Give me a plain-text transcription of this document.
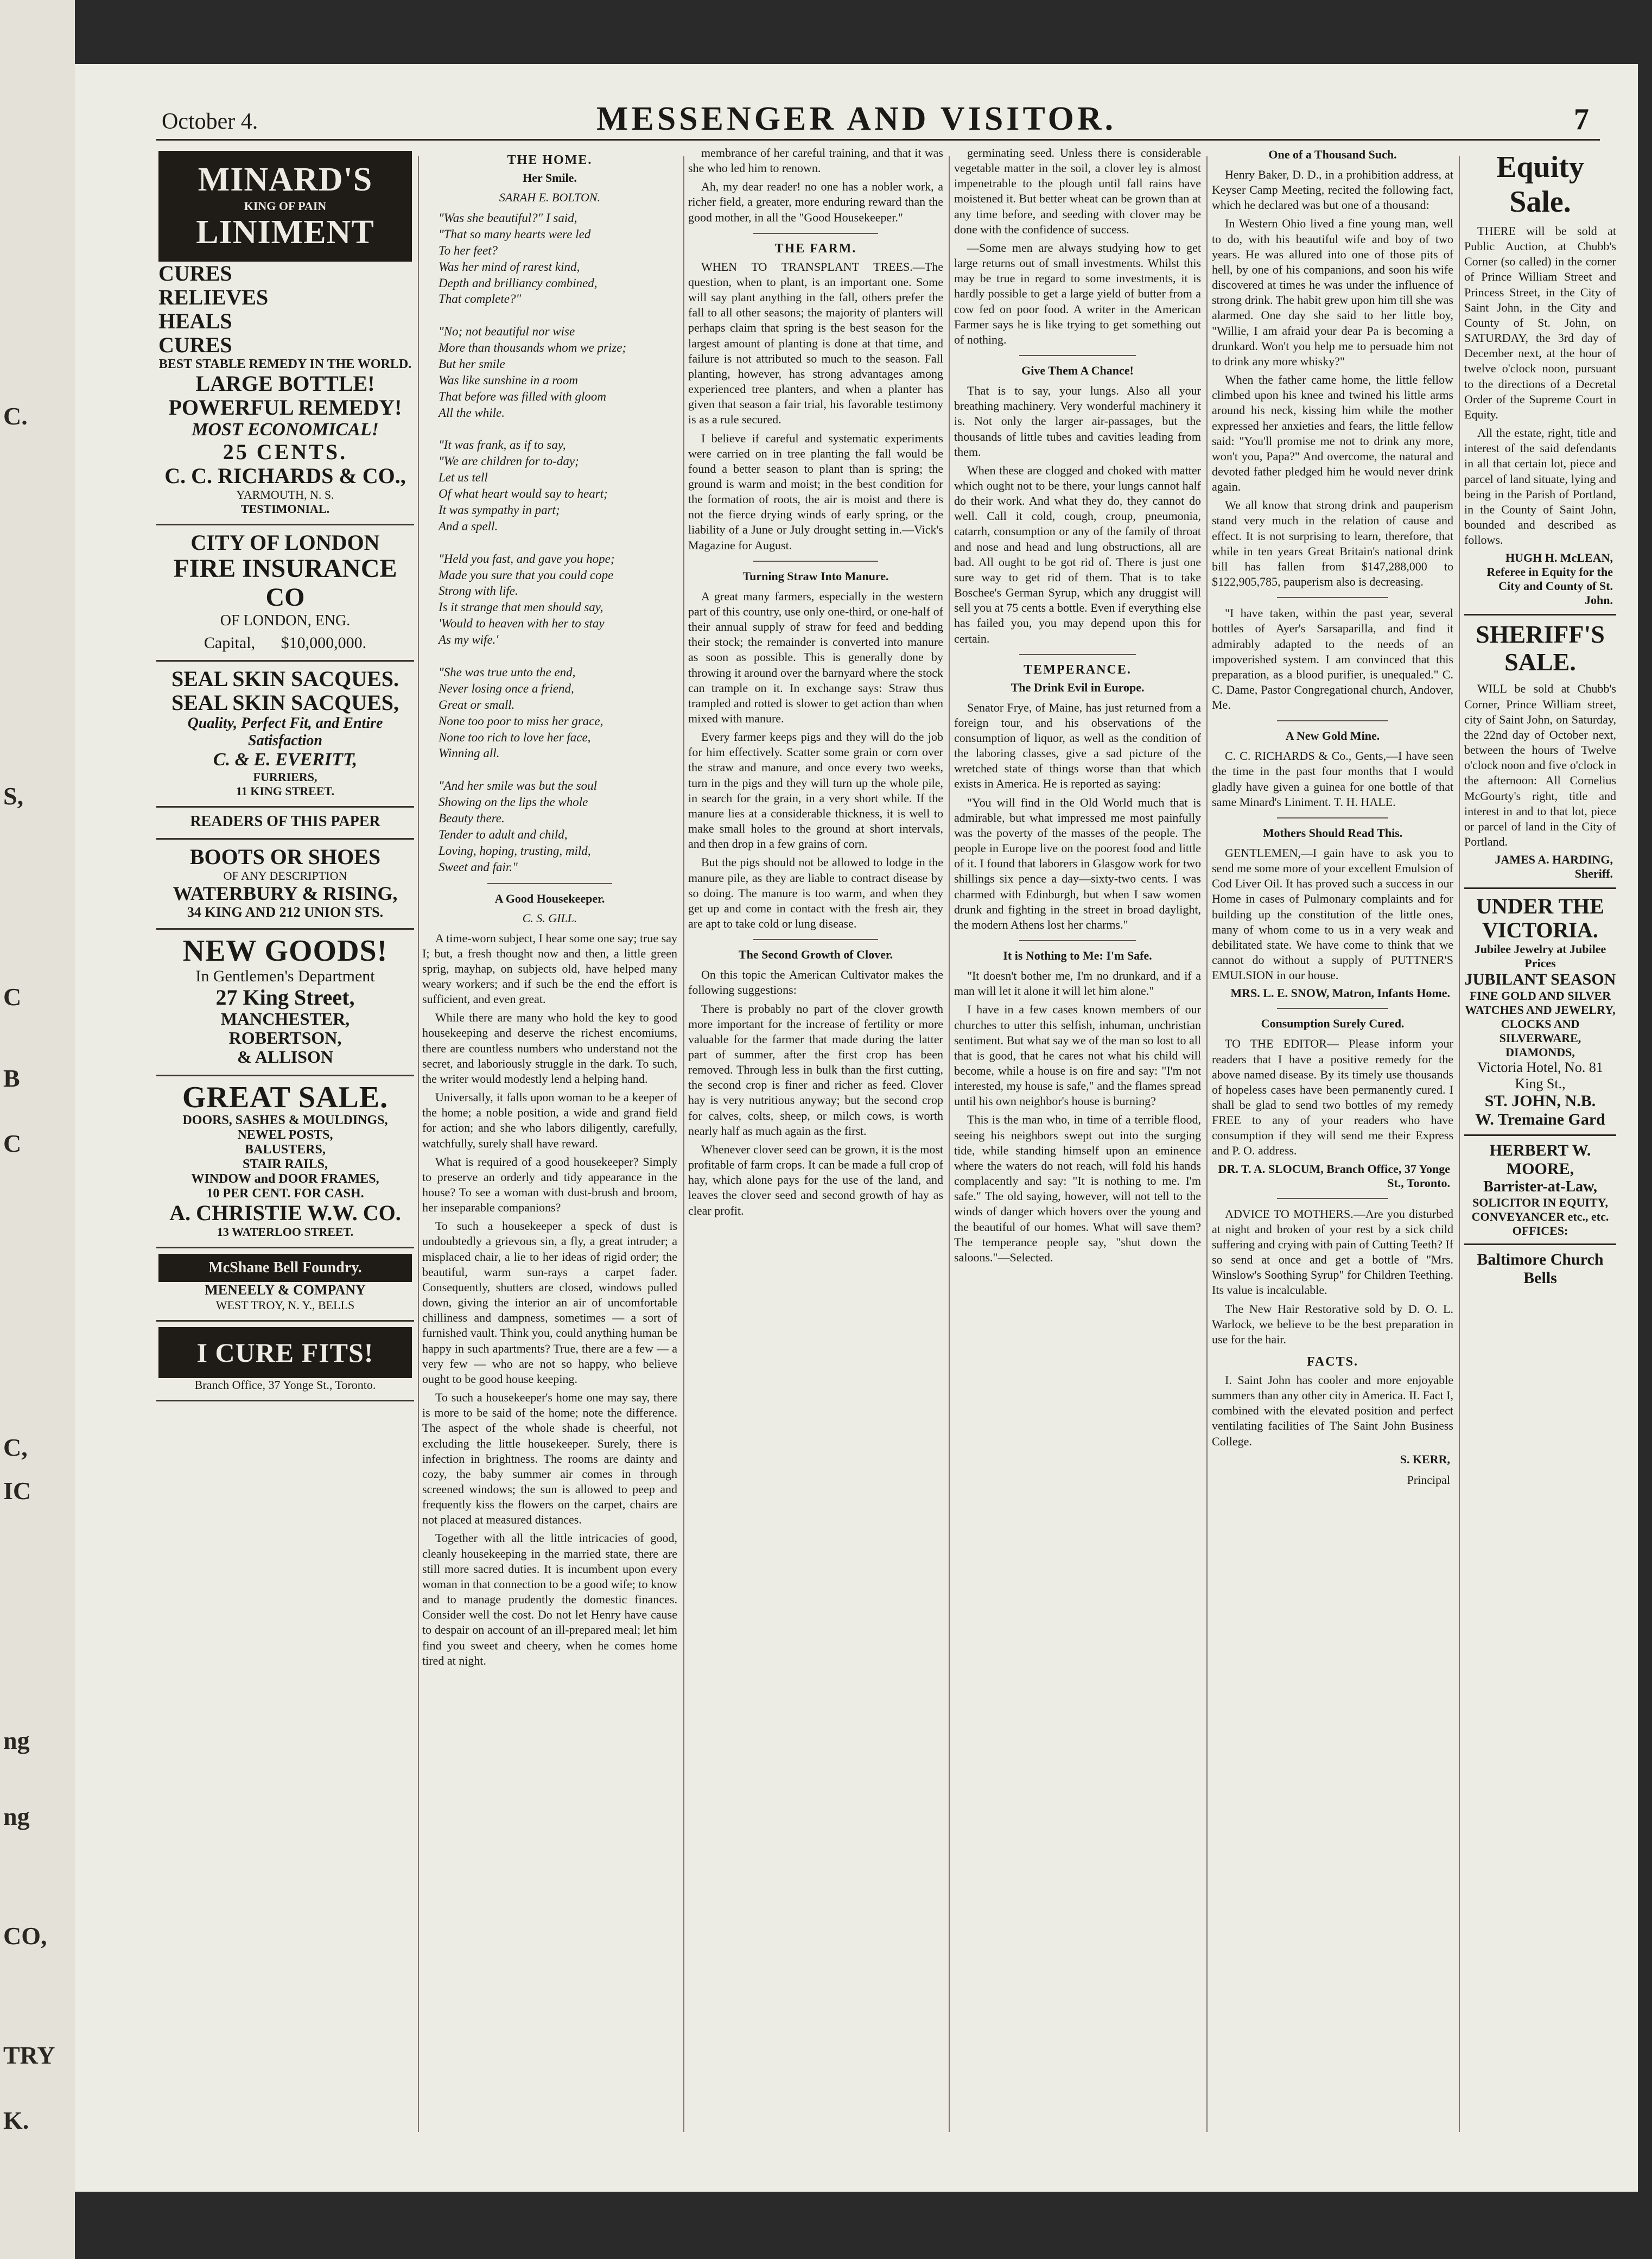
C.
S,
C
C
B
C,
IC
ng
ng
CO,
TRY
K.
October 4.	MESSENGER AND VISITOR.	7
MINARD'S
KING OF PAIN
LINIMENT
CURES
RELIEVES
HEALS
CURES
BEST STABLE REMEDY IN THE WORLD.
LARGE BOTTLE!
POWERFUL REMEDY!
MOST ECONOMICAL!
25 CENTS.
C. C. RICHARDS & CO.,
YARMOUTH, N. S.
TESTIMONIAL.
CITY OF LONDON
FIRE INSURANCE CO
OF LONDON, ENG.
Capital, $10,000,000.
SEAL SKIN SACQUES.
SEAL SKIN SACQUES,
Quality, Perfect Fit, and Entire Satisfaction
C. & E. EVERITT,
FURRIERS,
11 KING STREET.
READERS OF THIS PAPER
BOOTS OR SHOES
OF ANY DESCRIPTION
WATERBURY & RISING,
34 KING AND 212 UNION STS.
NEW GOODS!
In Gentlemen's Department
27 King Street,
MANCHESTER,
ROBERTSON,
& ALLISON
GREAT SALE.
DOORS, SASHES & MOULDINGS,
NEWEL POSTS,
BALUSTERS,
STAIR RAILS,
WINDOW and DOOR FRAMES,
10 PER CENT. FOR CASH.
A. CHRISTIE W.W. CO.
13 WATERLOO STREET.
McShane Bell Foundry.
MENEELY & COMPANY
WEST TROY, N. Y., BELLS
I CURE FITS!
Branch Office, 37 Yonge St., Toronto.
THE HOME.
Her Smile.
SARAH E. BOLTON.
"Was she beautiful?" I said,
"That so many hearts were led
To her feet?
Was her mind of rarest kind,
Depth and brilliancy combined,
That complete?"

"No; not beautiful nor wise
More than thousands whom we prize;
But her smile
Was like sunshine in a room
That before was filled with gloom
All the while.

"It was frank, as if to say,
"We are children for to-day;
Let us tell
Of what heart would say to heart;
It was sympathy in part;
And a spell.

"Held you fast, and gave you hope;
Made you sure that you could cope
Strong with life.
Is it strange that men should say,
'Would to heaven with her to stay
As my wife.'

"She was true unto the end,
Never losing once a friend,
Great or small.
None too poor to miss her grace,
None too rich to love her face,
Winning all.

"And her smile was but the soul
Showing on the lips the whole
Beauty there.
Tender to adult and child,
Loving, hoping, trusting, mild,
Sweet and fair."
A Good Housekeeper.
C. S. GILL.

A time-worn subject, I hear some one say; true say I; but, a fresh thought now and then, a little green sprig, mayhap, on subjects old, have helped many weary workers; and if such be the end the effort is sufficient, and even great.

While there are many who hold the key to good housekeeping and deserve the richest encomiums, there are countless numbers who understand not the secret, and laboriously struggle in the dark. To such, the writer would modestly lend a helping hand.

Universally, it falls upon woman to be a keeper of the home; a noble position, a wide and grand field for action; and she who labors diligently, carefully, watchfully, surely shall have reward.

What is required of a good housekeeper? Simply to preserve an orderly and tidy appearance in the house? To see a woman with dust-brush and broom, her inseparable companions?

To such a housekeeper a speck of dust is undoubtedly a grievous sin, a fly, a great intruder; a misplaced chair, a lie to her ideas of rigid order; the beautiful, warm sun-rays a carpet fader. Consequently, shutters are closed, windows pulled down, giving the interior an air of uncomfortable chilliness and dampness, sometimes — a sort of furnished vault. Think you, could anything human be happy in such apartments? True, there are a few — a very few — who are not so happy, who believe ought to be good house keeping.

To such a housekeeper's home one may say, there is more to be said of the home; note the difference. The aspect of the whole shade is cheerful, not excluding the little housekeeper. Surely, there is infection in brightness. The rooms are dainty and cozy, the baby summer air comes in through screened windows; the sun is allowed to peep and frequently kiss the flowers on the carpet, chairs are not placed at measured distances.

Together with all the little intricacies of good, cleanly housekeeping in the married state, there are still more sacred duties. It is incumbent upon every woman in that connection to be a good wife; to know and to manage prudently the domestic finances. Consider well the cost. Do not let Henry have cause to despair on account of an ill-prepared meal; let him find you sweet and cheery, when he comes home tired at night.

membrance of her careful training, and that it was she who led him to renown.

Ah, my dear reader! no one has a nobler work, a richer field, a greater, more enduring reward than the good mother, in all the "Good Housekeeper."

THE FARM.

WHEN TO TRANSPLANT TREES.—The question, when to plant, is an important one. Some will say plant anything in the fall, others prefer the fall to all other seasons; the majority of planters will perhaps claim that spring is the best season for the largest amount of planting is done at that time, and failure is not attributed so much to the season. Fall planting, however, has strong advantages among experienced tree planters, and when a planter has given that season a fair trial, his favorable testimony is as a rule secured.

I believe if careful and systematic experiments were carried on in tree planting the fall would be found a better season to plant than is spring; the ground is warm and moist; in the best condition for the formation of roots, the air is moist and there is not the fierce drying winds of early spring, or the liability of a June or July drought setting in.—Vick's Magazine for August.

Turning Straw Into Manure.

A great many farmers, especially in the western part of this country, use only one-third, or one-half of their annual supply of straw for feed and bedding their stock; the remainder is converted into manure as soon as possible. This is generally done by throwing it around over the barnyard where the stock can trample on it. In exchange says: Straw thus trampled and rotted is slower to get action than when mixed with manure.

Every farmer keeps pigs and they will do the job for him effectively. Scatter some grain or corn over the straw and manure, and once every two weeks, turn in the pigs and they will turn up the whole pile, in search for the grain, in a very short while. If the manure lies at a considerable thickness, it is well to make small holes to the ground at short intervals, and then drop in a few grains of corn.

But the pigs should not be allowed to lodge in the manure pile, as they are liable to contract disease by so doing. The manure is too warm, and when they get up and come in contact with the fresh air, they are apt to take cold or lung disease.

The Second Growth of Clover.

On this topic the American Cultivator makes the following suggestions:

There is probably no part of the clover growth more important for the increase of fertility or more valuable for the farmer that made during the latter part of summer, after the first crop has been removed. Through less in bulk than the first cutting, the second crop is finer and richer as feed. Clover hay is very nutritious anyway; but the second crop for calves, colts, sheep, or milch cows, is worth nearly half as much again as the first.

Whenever clover seed can be grown, it is the most profitable of farm crops. It can be made a full crop of hay, which alone pays for the use of the land, and leaves the clover seed and second growth of hay as clear profit.

germinating seed. Unless there is considerable vegetable matter in the soil, a clover ley is almost impenetrable to the plough until fall rains have moistened it. But better wheat can be grown than at any time before, and seeding with clover may be done with the confidence of success.

—Some men are always studying how to get large returns out of small investments. Whilst this may be true in regard to some investments, it is hardly possible to get a large yield of butter from a cow fed on poor food. A writer in the American Farmer says he is like trying to get something out of nothing.

Give Them A Chance!

That is to say, your lungs. Also all your breathing machinery. Very wonderful machinery it is. Not only the larger air-passages, but the thousands of little tubes and cavities leading from them.

When these are clogged and choked with matter which ought not to be there, your lungs cannot half do their work. And what they do, they cannot do well. Call it cold, cough, croup, pneumonia, catarrh, consumption or any of the family of throat and nose and head and lung obstructions, all are bad. All ought to be got rid of. There is just one sure way to get rid of them. That is to take Boschee's German Syrup, which any druggist will sell you at 75 cents a bottle. Even if everything else has failed you, you may depend upon this for certain.

TEMPERANCE.
The Drink Evil in Europe.

Senator Frye, of Maine, has just returned from a foreign tour, and his observations of the consumption of liquor, as well as the condition of the laboring classes, give a sad picture of the wretched state of things worse than that which exists in America. He is reported as saying:

"You will find in the Old World much that is admirable, but what impressed me most painfully was the poverty of the masses of the people. The people in Europe live on the poorest food and little of it. I found that laborers in Glasgow work for two shillings six pence a day—sixty-two cents. I was charmed with Edinburgh, but when I saw women drunk and fighting in the street in broad daylight, the modern Athens lost her charms."

It is Nothing to Me: I'm Safe.

"It doesn't bother me, I'm no drunkard, and if a man will let it alone it will let him alone."

I have in a few cases known members of our churches to utter this selfish, inhuman, unchristian sentiment. But what say we of the man so lost to all that is good, that he cares not what his child will become, while a house is on fire and say: "I'm not interested, my house is safe," and the flames spread until his own neighbor's house is burning?

This is the man who, in time of a terrible flood, seeing his neighbors swept out into the surging tide, while standing himself upon an eminence where the waters do not reach, will fold his hands complacently and say: "It is nothing to me. I'm safe." The old saying, however, will not tell to the winds of danger which hovers over the young and the beautiful of our homes. What will save them? The temperance people say, "shut down the saloons."—Selected.

One of a Thousand Such.

Henry Baker, D. D., in a prohibition address, at Keyser Camp Meeting, recited the following fact, which he declared was but one of a thousand:

In Western Ohio lived a fine young man, well to do, with his beautiful wife and boy of two years. He was allured into one of those pits of hell, by one of his companions, and soon his wife discovered at times he was under the influence of strong drink. The habit grew upon him till she was alarmed. One day she said to her little boy, "Willie, I am afraid your dear Pa is becoming a drunkard. Won't you help me to persuade him not to drink any more whisky?"

When the father came home, the little fellow climbed upon his knee and twined his little arms around his neck, kissing him while the mother expressed her anxieties and fears, the little fellow said: "You'll promise me not to drink any more, won't you, Papa?" And overcome, the natural and devoted father pledged him he would never drink again.

We all know that strong drink and pauperism stand very much in the relation of cause and effect. It is not surprising to learn, therefore, that while in ten years Great Britain's national drink bill has fallen from $147,288,000 to $122,905,785, pauperism also is decreasing.

"I have taken, within the past year, several bottles of Ayer's Sarsaparilla, and find it admirably adapted to the needs of an impoverished system. I am convinced that this preparation, as a blood purifier, is unequaled." C. C. Dame, Pastor Congregational church, Andover, Me.

A New Gold Mine.

C. C. RICHARDS & Co., Gents,—I have seen the time in the past four months that I would gladly have given a guinea for one bottle of that same Minard's Liniment. T. H. HALE.

Mothers Should Read This.

GENTLEMEN,—I gain have to ask you to send me some more of your excellent Emulsion of Cod Liver Oil. It has proved such a success in our Home in cases of Pulmonary complaints and for building up the constitution of the little ones, many of whom come to us in a very weak and debilitated state. We have come to think that we cannot do without a supply of PUTTNER'S EMULSION in our house.

MRS. L. E. SNOW, Matron, Infants Home.
Consumption Surely Cured.

TO THE EDITOR— Please inform your readers that I have a positive remedy for the above named disease. By its timely use thousands of hopeless cases have been permanently cured. I shall be glad to send two bottles of my remedy FREE to any of your readers who have consumption if they will send me their Express and P. O. address.

DR. T. A. SLOCUM, Branch Office, 37 Yonge St., Toronto.

ADVICE TO MOTHERS.—Are you disturbed at night and broken of your rest by a sick child suffering and crying with pain of Cutting Teeth? If so send at once and get a bottle of "Mrs. Winslow's Soothing Syrup" for Children Teething. Its value is incalculable.

The New Hair Restorative sold by D. O. L. Warlock, we believe to be the best preparation in use for the hair.

FACTS.

I. Saint John has cooler and more enjoyable summers than any other city in America. II. Fact I, combined with the elevated position and perfect ventilating facilities of The Saint John Business College.

S. KERR,
Principal
Equity Sale.

THERE will be sold at Public Auction, at Chubb's Corner (so called) in the corner of Prince William Street and Princess Street, in the City of Saint John, in the City and County of St. John, on SATURDAY, the 3rd day of December next, at the hour of twelve o'clock noon, pursuant to the directions of a Decretal Order of the Supreme Court in Equity.

All the estate, right, title and interest of the said defendants in all that certain lot, piece and parcel of land situate, lying and being in the Parish of Portland, in the County of Saint John, bounded and described as follows.

HUGH H. McLEAN, Referee in Equity for the City and County of St. John.
SHERIFF'S SALE.

WILL be sold at Chubb's Corner, Prince William street, city of Saint John, on Saturday, the 22nd day of October next, between the hours of Twelve o'clock noon and five o'clock in the afternoon: All Cornelius McGourty's right, title and interest in and to that lot, piece or parcel of land in the City of Portland.

JAMES A. HARDING, Sheriff.
UNDER THE VICTORIA.
Jubilee Jewelry at Jubilee Prices
JUBILANT SEASON
FINE GOLD AND SILVER WATCHES AND JEWELRY, CLOCKS AND SILVERWARE, DIAMONDS,
Victoria Hotel, No. 81 King St.,
ST. JOHN, N.B.
W. Tremaine Gard
HERBERT W. MOORE,
Barrister-at-Law,
SOLICITOR IN EQUITY, CONVEYANCER etc., etc.
OFFICES:
Baltimore Church Bells
